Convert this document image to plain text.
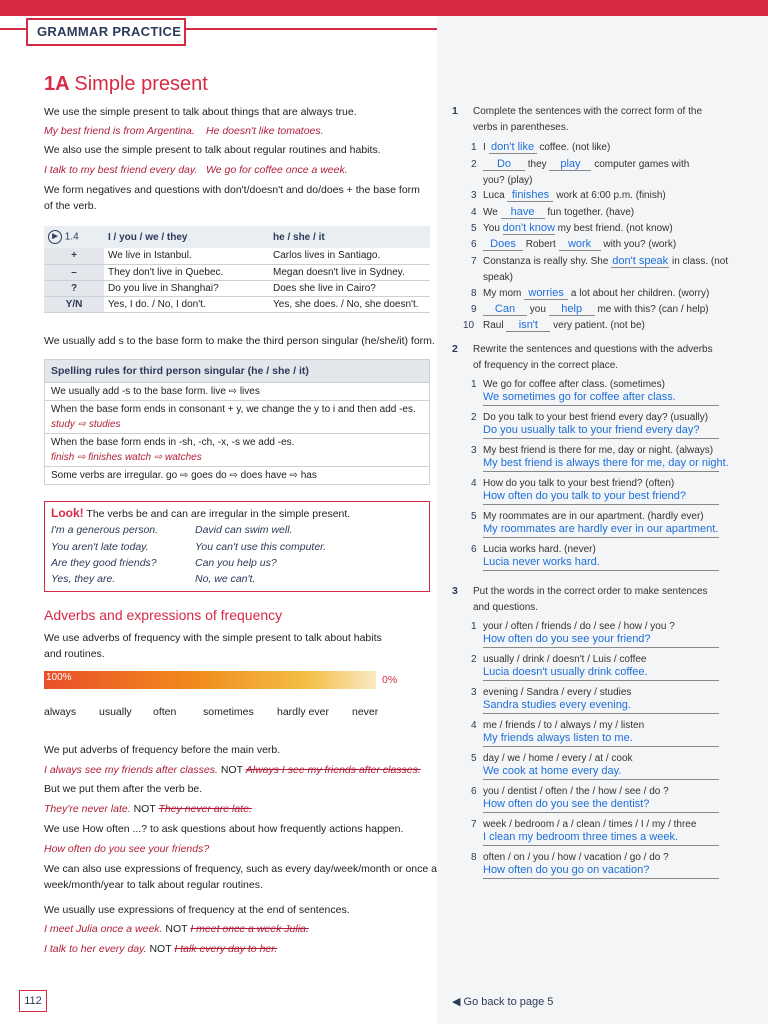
GRAMMAR PRACTICE
1A Simple present
We use the simple present to talk about things that are always true.
My best friend is from Argentina. He doesn't like tomatoes.
We also use the simple present to talk about regular routines and habits.
I talk to my best friend every day. We go for coffee once a week.
We form negatives and questions with don't/doesn't and do/does + the base form
of the verb.
▶ 1.4	I / you / we / they	he / she / it
+	We live in Istanbul.	Carlos lives in Santiago.
–	They don't live in Quebec.	Megan doesn't live in Sydney.
?	Do you live in Shanghai?	Does she live in Cairo?
Y/N	Yes, I do. / No, I don't.	Yes, she does. / No, she doesn't.
We usually add s to the base form to make the third person singular (he/she/it) form.
Spelling rules for third person singular (he / she / it)
We usually add -s to the base form. live ⇨ lives
When the base form ends in consonant + y, we change the y to i and then add -es.
study ⇨ studies
When the base form ends in -sh, -ch, -x, -s we add -es.
finish ⇨ finishes watch ⇨ watches
Some verbs are irregular. go ⇨ goes do ⇨ does have ⇨ has
Look! The verbs be and can are irregular in the simple present.
I'm a generous person.	David can swim well.
You aren't late today.	You can't use this computer.
Are they good friends?	Can you help us?
Yes, they are.	No, we can't.
Adverbs and expressions of frequency
We use adverbs of frequency with the simple present to talk about habits
and routines.
100%	0%
always usually often	sometimes hardly ever never
We put adverbs of frequency before the main verb.
I always see my friends after classes. NOT Always I see my friends after classes.
But we put them after the verb be.
They're never late. NOT They never are late.
We use How often ...? to ask questions about how frequently actions happen.
How often do you see your friends?
We can also use expressions of frequency, such as every day/week/month or once a
week/month/year to talk about regular routines.
We usually use expressions of frequency at the end of sentences.
I meet Julia once a week. NOT I meet once a week Julia.
I talk to her every day. NOT I talk every day to her.
112
1 Complete the sentences with the correct form of the
verbs in parentheses.
1 I don't like coffee. (not like)
2	Do they play computer games with
you? (play)
3 Luca finishes work at 6:00 p.m. (finish)
4 We have fun together. (have)
5 You don't know my best friend. (not know)
6	Does Robert work with you? (work)
7 Constanza is really shy. She don't speak in class. (not
speak)
8 My mom worries a lot about her children. (worry)
9	Can you help me with this? (can / help)
10 Raul isn't very patient. (not be)
2 Rewrite the sentences and questions with the adverbs
of frequency in the correct place.
1 We go for coffee after class. (sometimes)
We sometimes go for coffee after class.
2 Do you talk to your best friend every day? (usually)
Do you usually talk to your friend every day?
3 My best friend is there for me, day or night. (always)
My best friend is always there for me, day or night.
4 How do you talk to your best friend? (often)
How often do you talk to your best friend?
5 My roommates are in our apartment. (hardly ever)
My roommates are hardly ever in our apartment.
6 Lucia works hard. (never)
Lucia never works hard.
3 Put the words in the correct order to make sentences
and questions.
1 your / often / friends / do / see / how / you ?
How often do you see your friend?
2 usually / drink / doesn't / Luis / coffee
Lucia doesn't usually drink coffee.
3 evening / Sandra / every / studies
Sandra studies every evening.
4 me / friends / to / always / my / listen
My friends always listen to me.
5 day / we / home / every / at / cook
We cook at home every day.
6 you / dentist / often / the / how / see / do ?
How often do you see the dentist?
7 week / bedroom / a / clean / times / I / my / three
I clean my bedroom three times a week.
8 often / on / you / how / vacation / go / do ?
How often do you go on vacation?
◀ Go back to page 5
